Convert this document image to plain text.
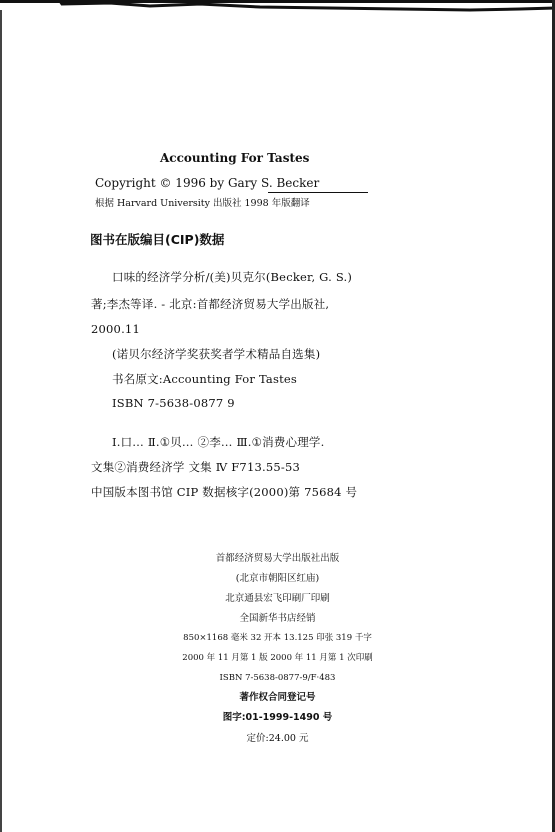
Accounting For Tastes
Copyright © 1996 by Gary S. Becker
根据 Harvard University 出版社 1998 年版翻译
图书在版编目(CIP)数据
口味的经济学分析/(美)贝克尔(Becker, G. S.)
著;李杰等译. - 北京:首都经济贸易大学出版社,
2000.11
(诺贝尔经济学奖获奖者学术精品自选集)
书名原文:Accounting For Tastes
ISBN 7-5638-0877 9
Ⅰ.口… Ⅱ.①贝… ②李… Ⅲ.①消费心理学.
文集②消费经济学 文集 Ⅳ F713.55-53
中国版本图书馆 CIP 数据核字(2000)第 75684 号
首都经济贸易大学出版社出版
(北京市朝阳区红庙)
北京通县宏飞印刷厂印刷
全国新华书店经销
850×1168 毫米 32 开本 13.125 印张 319 千字
2000 年 11 月第 1 版 2000 年 11 月第 1 次印刷
ISBN 7-5638-0877-9/F·483
著作权合同登记号
图字:01-1999-1490 号
定价:24.00 元
